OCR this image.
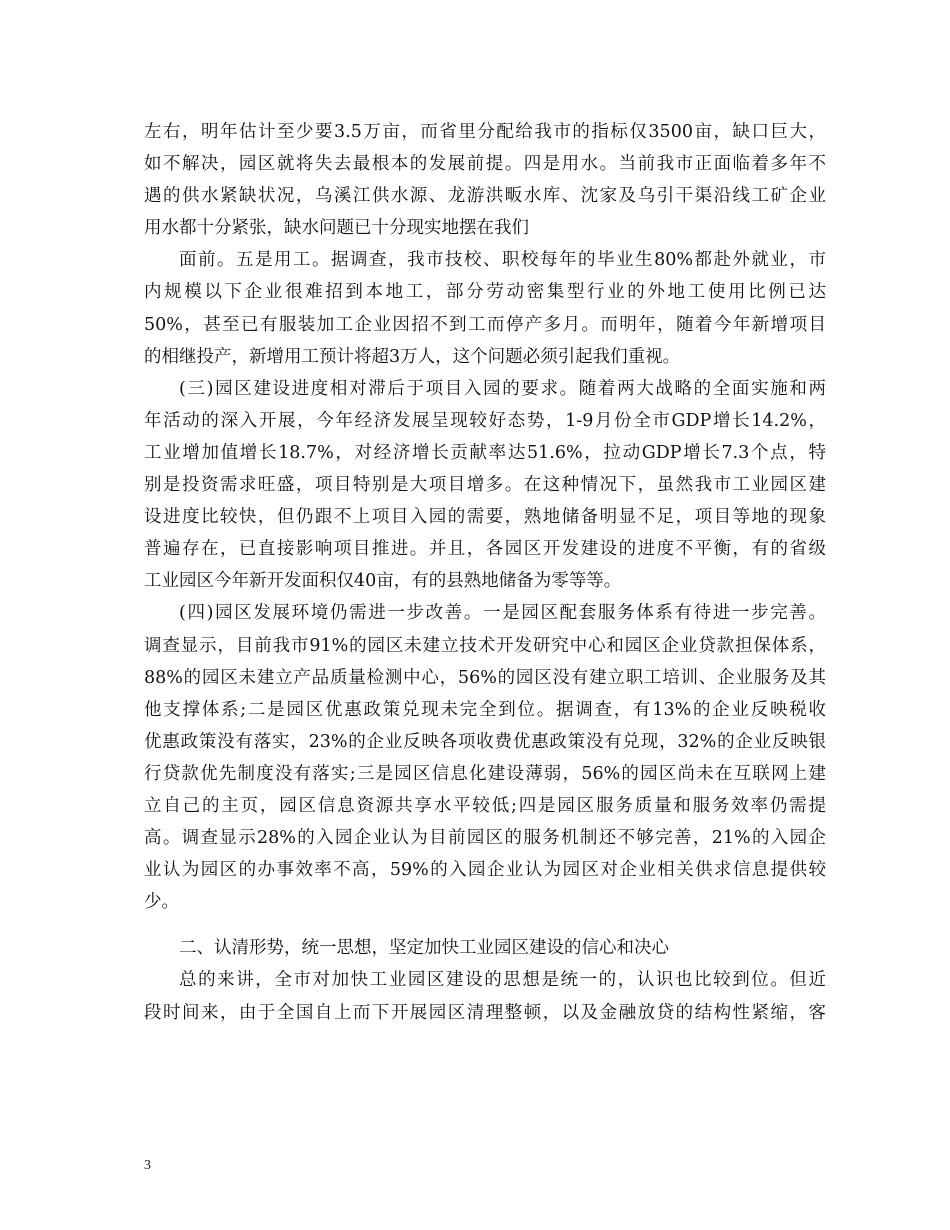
左右，明年估计至少要3.5万亩，而省里分配给我市的指标仅3500亩，缺口巨大，
如不解决，园区就将失去最根本的发展前提。四是用水。当前我市正面临着多年不
遇的供水紧缺状况，乌溪江供水源、龙游洪畈水库、沈家及乌引干渠沿线工矿企业
用水都十分紧张，缺水问题已十分现实地摆在我们
面前。五是用工。据调查，我市技校、职校每年的毕业生80%都赴外就业，市
内规模以下企业很难招到本地工，部分劳动密集型行业的外地工使用比例已达
50%，甚至已有服装加工企业因招不到工而停产多月。而明年，随着今年新增项目
的相继投产，新增用工预计将超3万人，这个问题必须引起我们重视。
(三)园区建设进度相对滞后于项目入园的要求。随着两大战略的全面实施和两
年活动的深入开展，今年经济发展呈现较好态势，1-9月份全市GDP增长14.2%，
工业增加值增长18.7%，对经济增长贡献率达51.6%，拉动GDP增长7.3个点，特
别是投资需求旺盛，项目特别是大项目增多。在这种情况下，虽然我市工业园区建
设进度比较快，但仍跟不上项目入园的需要，熟地储备明显不足，项目等地的现象
普遍存在，已直接影响项目推进。并且，各园区开发建设的进度不平衡，有的省级
工业园区今年新开发面积仅40亩，有的县熟地储备为零等等。
(四)园区发展环境仍需进一步改善。一是园区配套服务体系有待进一步完善。
调查显示，目前我市91%的园区未建立技术开发研究中心和园区企业贷款担保体系，
88%的园区未建立产品质量检测中心，56%的园区没有建立职工培训、企业服务及其
他支撑体系;二是园区优惠政策兑现未完全到位。据调查，有13%的企业反映税收
优惠政策没有落实，23%的企业反映各项收费优惠政策没有兑现，32%的企业反映银
行贷款优先制度没有落实;三是园区信息化建设薄弱，56%的园区尚未在互联网上建
立自己的主页，园区信息资源共享水平较低;四是园区服务质量和服务效率仍需提
高。调查显示28%的入园企业认为目前园区的服务机制还不够完善，21%的入园企
业认为园区的办事效率不高，59%的入园企业认为园区对企业相关供求信息提供较
少。
二、认清形势，统一思想，坚定加快工业园区建设的信心和决心
总的来讲，全市对加快工业园区建设的思想是统一的，认识也比较到位。但近
段时间来，由于全国自上而下开展园区清理整顿，以及金融放贷的结构性紧缩，客
3
